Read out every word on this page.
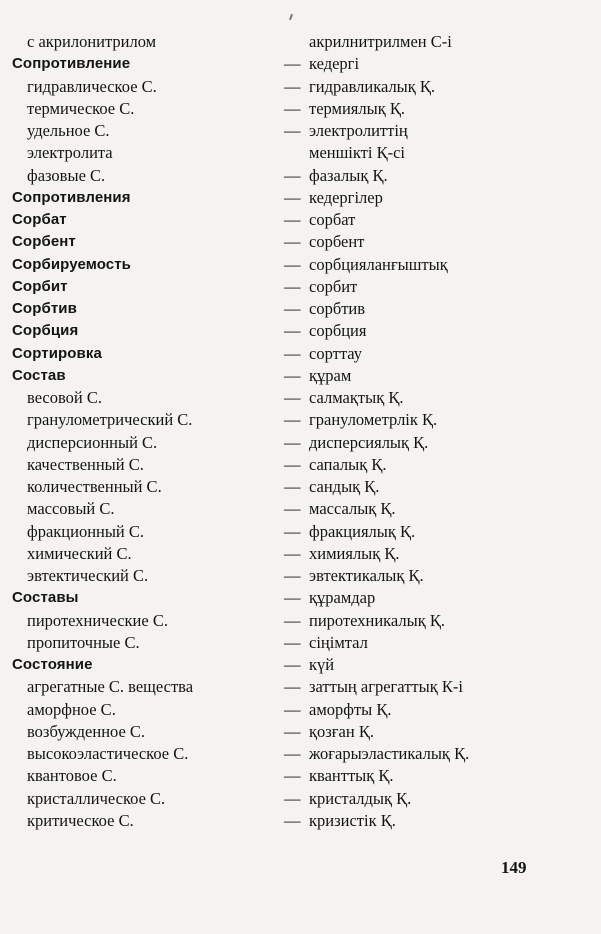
с акрилонитрилом	акрилнитрилмен С-і
Сопротивление	— кедергі
гидравлическое С.	— гидравликалық Қ.
термическое С.	— термиялық Қ.
удельное С.	— электролиттің
электролита	меншікті Қ-сі
фазовые С.	— фазалық Қ.
Сопротивления	— кедергілер
Сорбат	— сорбат
Сорбент	— сорбент
Сорбируемость	— сорбцияланғыштық
Сорбит	— сорбит
Сорбтив	— сорбтив
Сорбция	— сорбция
Сортировка	— сорттау
Состав	— құрам
весовой С.	— салмақтық Қ.
гранулометрический С.	— гранулометрлік Қ.
дисперсионный С.	— дисперсиялық Қ.
качественный С.	— сапалық Қ.
количественный С.	— сандық Қ.
массовый С.	— массалық Қ.
фракционный С.	— фракциялық Қ.
химический С.	— химиялық Қ.
эвтектический С.	— эвтектикалық Қ.
Составы	— құрамдар
пиротехнические С.	— пиротехникалық Қ.
пропиточные С.	— сіңімтал
Состояние	— күй
агрегатные С. вещества	— заттың агрегаттық К-і
аморфное С.	— аморфты Қ.
возбужденное С.	— қозған Қ.
высокоэластическое С.	— жоғарыэластикалық Қ.
квантовое С.	— кванттық Қ.
кристаллическое С.	— кристалдық Қ.
критическое С.	— кризистік Қ.
149
